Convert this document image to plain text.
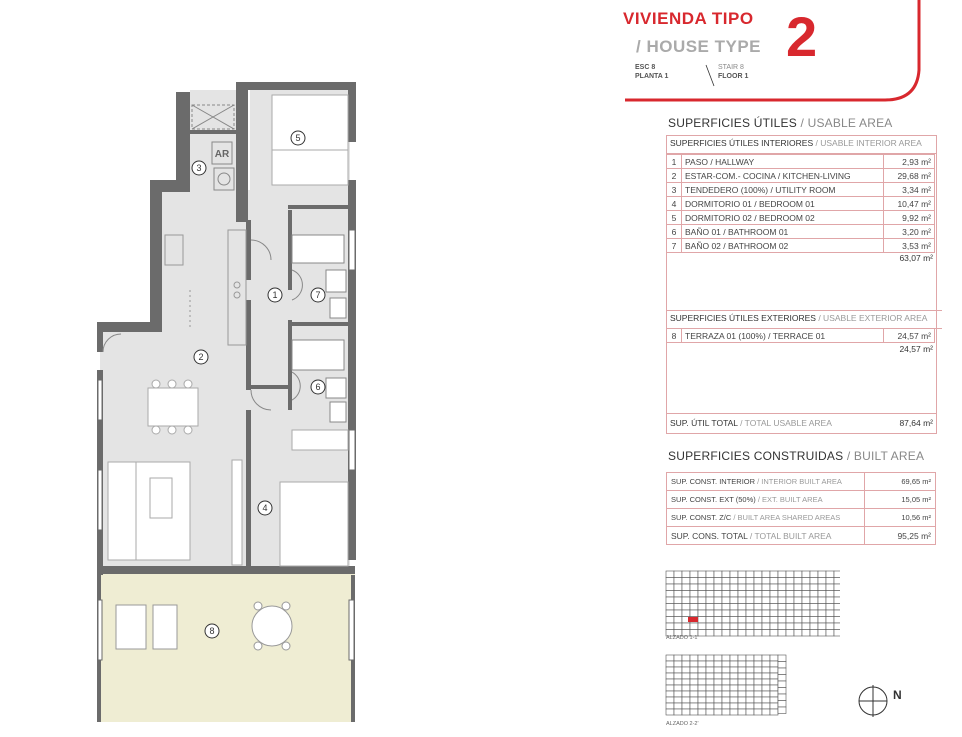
5
3
1	7
2
6
4
8
AR
VIVIENDA TIPO
/ HOUSE TYPE 2
ESC 8
PLANTA 1
STAIR 8
FLOOR 1
SUPERFICIES ÚTILES / USABLE AREA
SUPERFICIES ÚTILES INTERIORES / USABLE INTERIOR AREA
1	PASO / HALLWAY	2,93 m²
2	ESTAR-COM.- COCINA / KITCHEN-LIVING	29,68 m²
3	TENDEDERO (100%) / UTILITY ROOM	3,34 m²
4	DORMITORIO 01 / BEDROOM 01	10,47 m²
5	DORMITORIO 02 / BEDROOM 02	9,92 m²
6	BAÑO 01 / BATHROOM 01	3,20 m²
7	BAÑO 02 / BATHROOM 02	3,53 m²
63,07 m²
SUPERFICIES ÚTILES EXTERIORES / USABLE EXTERIOR AREA
8	TERRAZA 01 (100%) / TERRACE 01	24,57 m²
24,57 m²
SUP. ÚTIL TOTAL / TOTAL USABLE AREA	87,64 m²
SUPERFICIES CONSTRUIDAS / BUILT AREA
SUP. CONST. INTERIOR / INTERIOR BUILT AREA	69,65 m²
SUP. CONST. EXT (50%) / EXT. BUILT AREA	15,05 m²
SUP. CONST. Z/C / BUILT AREA SHARED AREAS	10,56 m²
SUP. CONS. TOTAL / TOTAL BUILT AREA	95,25 m²
ALZADO 1-1'
ALZADO 2-2'
N
